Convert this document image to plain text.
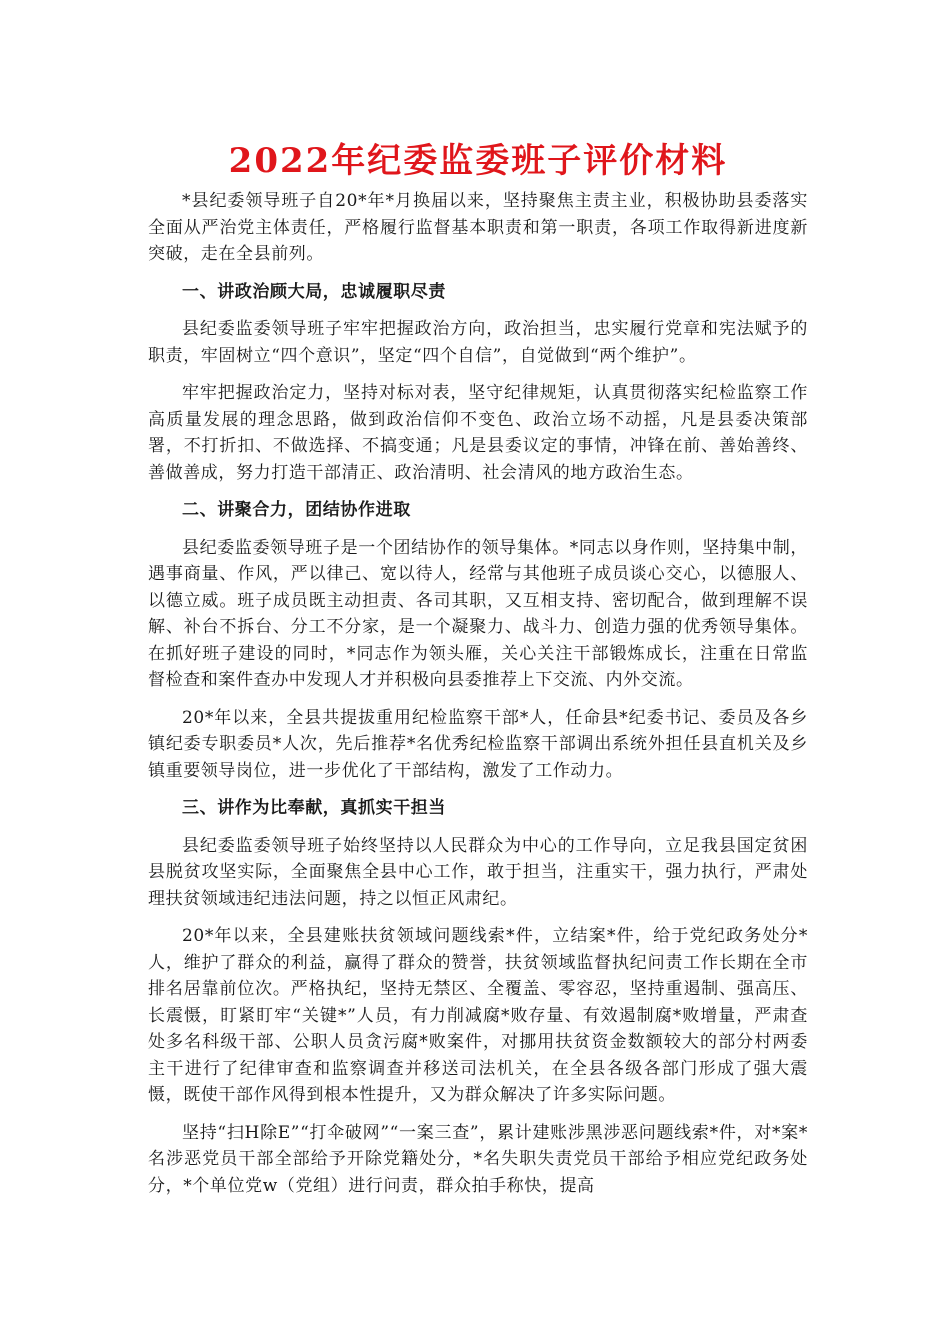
2022年纪委监委班子评价材料

*县纪委领导班子自20*年*月换届以来，坚持聚焦主责主业，积极协助县委落实全面从严治党主体责任，严格履行监督基本职责和第一职责，各项工作取得新进度新突破，走在全县前列。

一、讲政治顾大局，忠诚履职尽责

县纪委监委领导班子牢牢把握政治方向，政治担当，忠实履行党章和宪法赋予的职责，牢固树立“四个意识”，坚定“四个自信”，自觉做到“两个维护”。

牢牢把握政治定力，坚持对标对表，坚守纪律规矩，认真贯彻落实纪检监察工作高质量发展的理念思路，做到政治信仰不变色、政治立场不动摇，凡是县委决策部署，不打折扣、不做选择、不搞变通；凡是县委议定的事情，冲锋在前、善始善终、善做善成，努力打造干部清正、政治清明、社会清风的地方政治生态。

二、讲聚合力，团结协作进取

县纪委监委领导班子是一个团结协作的领导集体。*同志以身作则，坚持集中制，遇事商量、作风，严以律己、宽以待人，经常与其他班子成员谈心交心，以德服人、以德立威。班子成员既主动担责、各司其职，又互相支持、密切配合，做到理解不误解、补台不拆台、分工不分家，是一个凝聚力、战斗力、创造力强的优秀领导集体。在抓好班子建设的同时，*同志作为领头雁，关心关注干部锻炼成长，注重在日常监督检查和案件查办中发现人才并积极向县委推荐上下交流、内外交流。

20*年以来，全县共提拔重用纪检监察干部*人，任命县*纪委书记、委员及各乡镇纪委专职委员*人次，先后推荐*名优秀纪检监察干部调出系统外担任县直机关及乡镇重要领导岗位，进一步优化了干部结构，激发了工作动力。

三、讲作为比奉献，真抓实干担当

县纪委监委领导班子始终坚持以人民群众为中心的工作导向，立足我县国定贫困县脱贫攻坚实际，全面聚焦全县中心工作，敢于担当，注重实干，强力执行，严肃处理扶贫领域违纪违法问题，持之以恒正风肃纪。

20*年以来，全县建账扶贫领域问题线索*件，立结案*件，给于党纪政务处分*人，维护了群众的利益，赢得了群众的赞誉，扶贫领域监督执纪问责工作长期在全市排名居靠前位次。严格执纪，坚持无禁区、全覆盖、零容忍，坚持重遏制、强高压、长震慑，盯紧盯牢“关键*”人员，有力削减腐*败存量、有效遏制腐*败增量，严肃查处多名科级干部、公职人员贪污腐*败案件，对挪用扶贫资金数额较大的部分村两委主干进行了纪律审查和监察调查并移送司法机关，在全县各级各部门形成了强大震慑，既使干部作风得到根本性提升，又为群众解决了许多实际问题。

坚持“扫H除E”“打伞破网”“一案三查”，累计建账涉黑涉恶问题线索*件，对*案*名涉恶党员干部全部给予开除党籍处分，*名失职失责党员干部给予相应党纪政务处分，*个单位党w（党组）进行问责，群众拍手称快，提高
